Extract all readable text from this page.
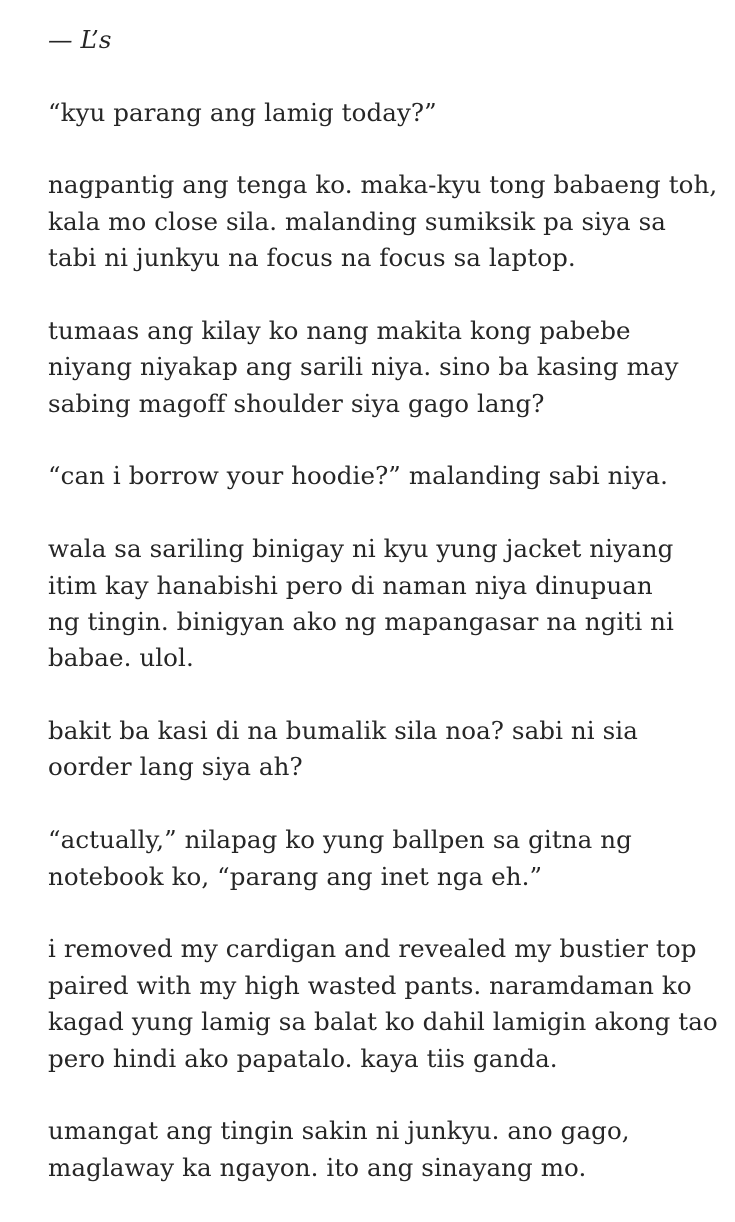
— L’s
“kyu parang ang lamig today?”
nagpantig ang tenga ko. maka-kyu tong babaeng toh,
kala mo close sila. malanding sumiksik pa siya sa
tabi ni junkyu na focus na focus sa laptop.
tumaas ang kilay ko nang makita kong pabebe
niyang niyakap ang sarili niya. sino ba kasing may
sabing magoff shoulder siya gago lang?
“can i borrow your hoodie?” malanding sabi niya.
wala sa sariling binigay ni kyu yung jacket niyang
itim kay hanabishi pero di naman niya dinupuan
ng tingin. binigyan ako ng mapangasar na ngiti ni
babae. ulol.
bakit ba kasi di na bumalik sila noa? sabi ni sia
oorder lang siya ah?
“actually,” nilapag ko yung ballpen sa gitna ng
notebook ko, “parang ang inet nga eh.”
i removed my cardigan and revealed my bustier top
paired with my high wasted pants. naramdaman ko
kagad yung lamig sa balat ko dahil lamigin akong tao
pero hindi ako papatalo. kaya tiis ganda.
umangat ang tingin sakin ni junkyu. ano gago,
maglaway ka ngayon. ito ang sinayang mo.
